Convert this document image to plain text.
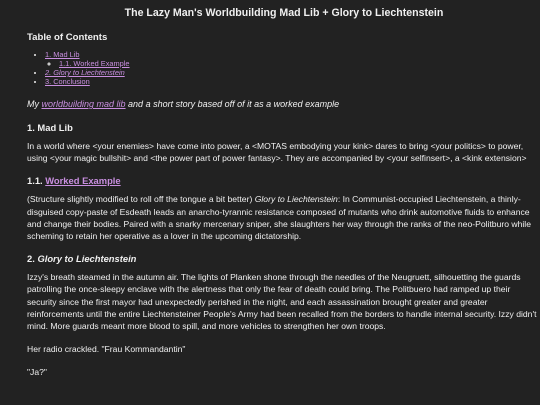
The Lazy Man's Worldbuilding Mad Lib + Glory to Liechtenstein
Table of Contents
• 1. Mad Lib
◦ 1.1. Worked Example
• 2. Glory to Liechtenstein
• 3. Conclusion

My worldbuilding mad lib and a short story based off of it as a worked example

1. Mad Lib

In a world where <your enemies> have come into power, a <MOTAS embodying your kink> dares to bring <your politics> to power, using <your magic bullshit> and <the power part of power fantasy>. They are accompanied by <your selfinsert>, a <kink extension>

1.1. Worked Example

(Structure slightly modified to roll off the tongue a bit better) Glory to Liechtenstein: In Communist-occupied Liechtenstein, a thinly-disguised copy-paste of Esdeath leads an anarcho-tyrannic resistance composed of mutants who drink automotive fluids to enhance and change their bodies. Paired with a snarky mercenary sniper, she slaughters her way through the ranks of the neo-Politburo while scheming to retain her operative as a lover in the upcoming dictatorship.

2. Glory to Liechtenstein

Izzy's breath steamed in the autumn air. The lights of Planken shone through the needles of the Neugruett, silhouetting the guards patrolling the once-sleepy enclave with the alertness that only the fear of death could bring. The Politbuero had ramped up their security since the first mayor had unexpectedly perished in the night, and each assassination brought greater and greater reinforcements until the entire Liechtensteiner People's Army had been recalled from the borders to handle internal security. Izzy didn't mind. More guards meant more blood to spill, and more vehicles to strengthen her own troops.

Her radio crackled. "Frau Kommandantin"

"Ja?"
